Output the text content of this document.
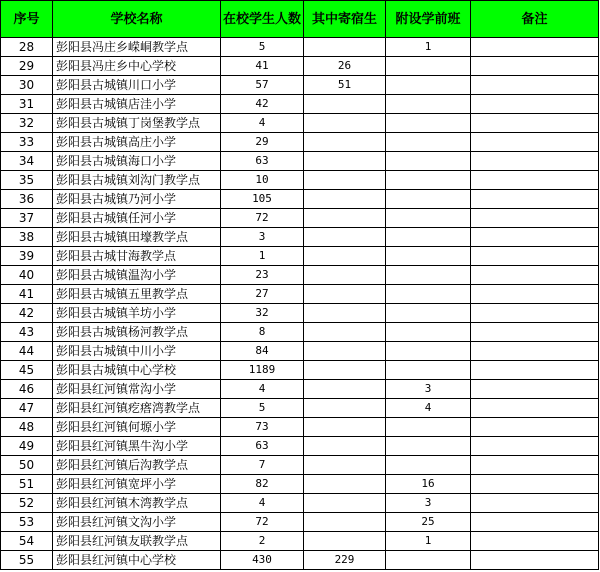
序号	学校名称	在校学生人数	其中寄宿生	附设学前班	备注
28	彭阳县冯庄乡嵘峒教学点	5		1	
29	彭阳县冯庄乡中心学校	41	26		
30	彭阳县古城镇川口小学	57	51		
31	彭阳县古城镇店洼小学	42			
32	彭阳县古城镇丁岗堡教学点	4			
33	彭阳县古城镇高庄小学	29			
34	彭阳县古城镇海口小学	63			
35	彭阳县古城镇刘沟门教学点	10			
36	彭阳县古城镇乃河小学	105			
37	彭阳县古城镇任河小学	72			
38	彭阳县古城镇田壕教学点	3			
39	彭阳县古城甘海教学点	1			
40	彭阳县古城镇温沟小学	23			
41	彭阳县古城镇五里教学点	27			
42	彭阳县古城镇羊坊小学	32			
43	彭阳县古城镇杨河教学点	8			
44	彭阳县古城镇中川小学	84			
45	彭阳县古城镇中心学校	1189			
46	彭阳县红河镇常沟小学	4		3	
47	彭阳县红河镇疙瘩湾教学点	5		4	
48	彭阳县红河镇何塬小学	73			
49	彭阳县红河镇黑牛沟小学	63			
50	彭阳县红河镇后沟教学点	7			
51	彭阳县红河镇宽坪小学	82		16	
52	彭阳县红河镇木湾教学点	4		3	
53	彭阳县红河镇文沟小学	72		25	
54	彭阳县红河镇友联教学点	2		1	
55	彭阳县红河镇中心学校	430	229		
